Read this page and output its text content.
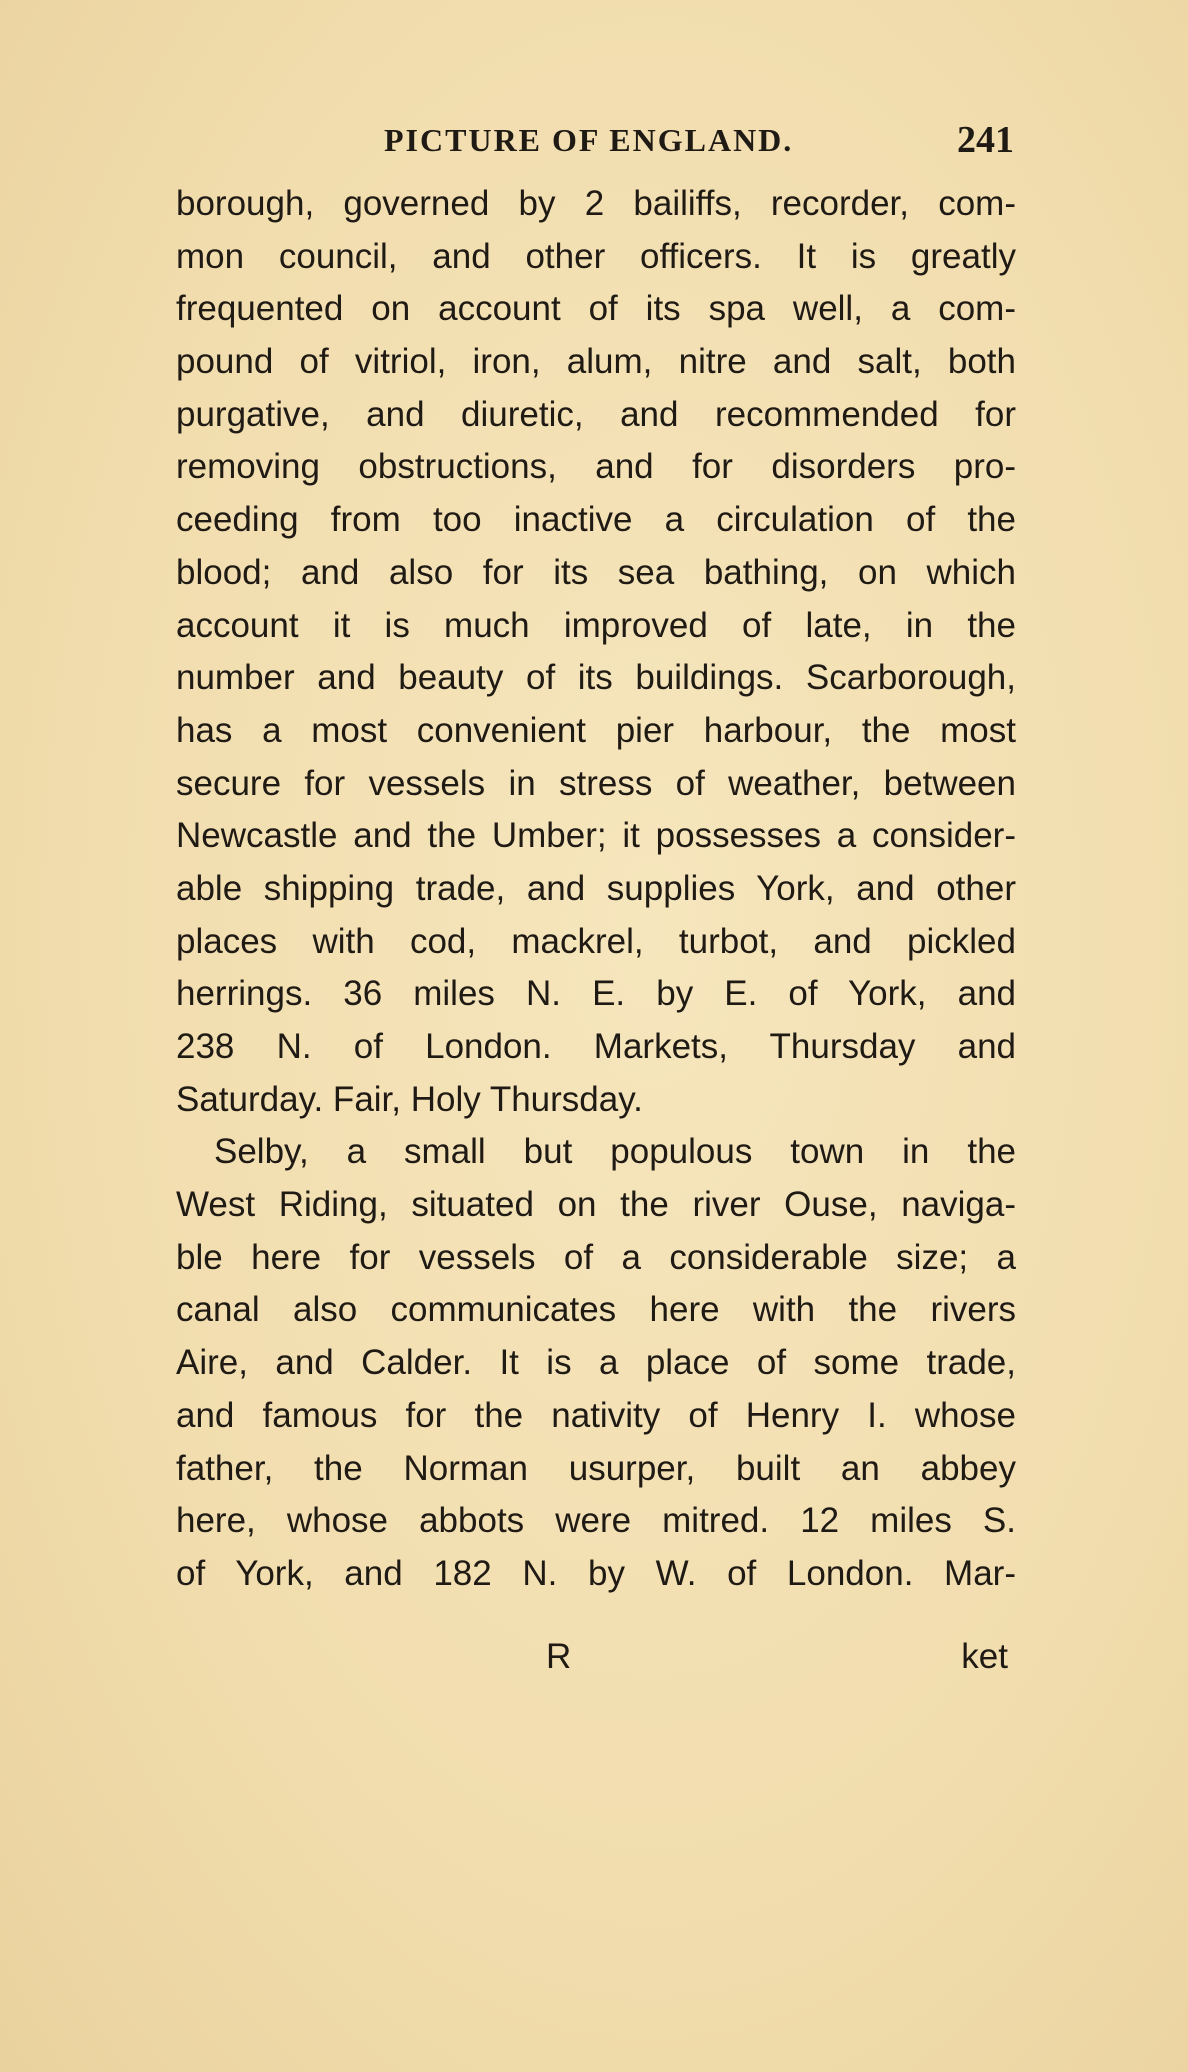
PICTURE OF ENGLAND.	241
borough, governed by 2 bailiffs, recorder, com-
mon council, and other officers. It is greatly
frequented on account of its spa well, a com-
pound of vitriol, iron, alum, nitre and salt, both
purgative, and diuretic, and recommended for
removing obstructions, and for disorders pro-
ceeding from too inactive a circulation of the
blood; and also for its sea bathing, on which
account it is much improved of late, in the
number and beauty of its buildings. Scarborough,
has a most convenient pier harbour, the most
secure for vessels in stress of weather, between
Newcastle and the Umber; it possesses a consider-
able shipping trade, and supplies York, and other
places with cod, mackrel, turbot, and pickled
herrings. 36 miles N. E. by E. of York, and
238 N. of London. Markets, Thursday and
Saturday. Fair, Holy Thursday.
Selby, a small but populous town in the
West Riding, situated on the river Ouse, naviga-
ble here for vessels of a considerable size; a
canal also communicates here with the rivers
Aire, and Calder. It is a place of some trade,
and famous for the nativity of Henry I. whose
father, the Norman usurper, built an abbey
here, whose abbots were mitred. 12 miles S.
of York, and 182 N. by W. of London. Mar-
R	ket
